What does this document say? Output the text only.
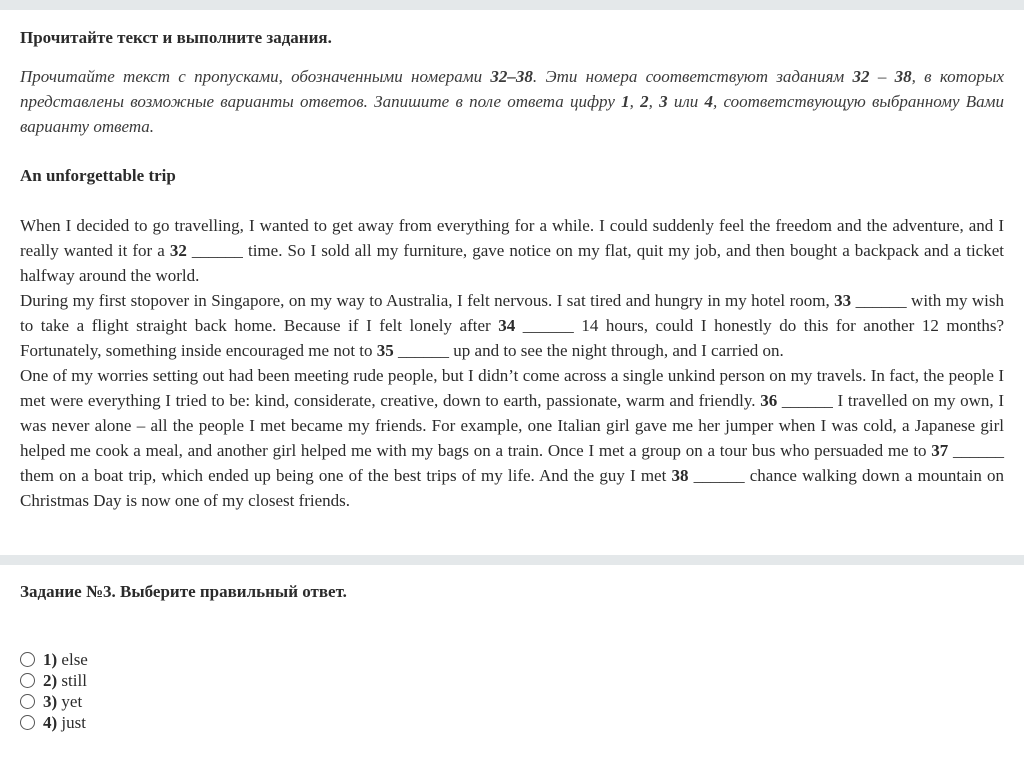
Прочитайте текст и выполните задания.
Прочитайте текст с пропусками, обозначенными номерами 32–38. Эти номера соответствуют заданиям 32 – 38, в которых представлены возможные варианты ответов. Запишите в поле ответа цифру 1, 2, 3 или 4, соответствующую выбранному Вами варианту ответа.
An unforgettable trip

When I decided to go travelling, I wanted to get away from everything for a while. I could suddenly feel the freedom and the adventure, and I really wanted it for a 32 ______ time. So I sold all my furniture, gave notice on my flat, quit my job, and then bought a backpack and a ticket halfway around the world.

During my first stopover in Singapore, on my way to Australia, I felt nervous. I sat tired and hungry in my hotel room, 33 ______ with my wish to take a flight straight back home. Because if I felt lonely after 34 ______ 14 hours, could I honestly do this for another 12 months? Fortunately, something inside encouraged me not to 35 ______ up and to see the night through, and I carried on.

One of my worries setting out had been meeting rude people, but I didn’t come across a single unkind person on my travels. In fact, the people I met were everything I tried to be: kind, considerate, creative, down to earth, passionate, warm and friendly. 36 ______ I travelled on my own, I was never alone – all the people I met became my friends. For example, one Italian girl gave me her jumper when I was cold, a Japanese girl helped me cook a meal, and another girl helped me with my bags on a train. Once I met a group on a tour bus who persuaded me to 37 ______ them on a boat trip, which ended up being one of the best trips of my life. And the guy I met 38 ______ chance walking down a mountain on Christmas Day is now one of my closest friends.

Задание №3. Выберите правильный ответ.
1) else
2) still
3) yet
4) just
